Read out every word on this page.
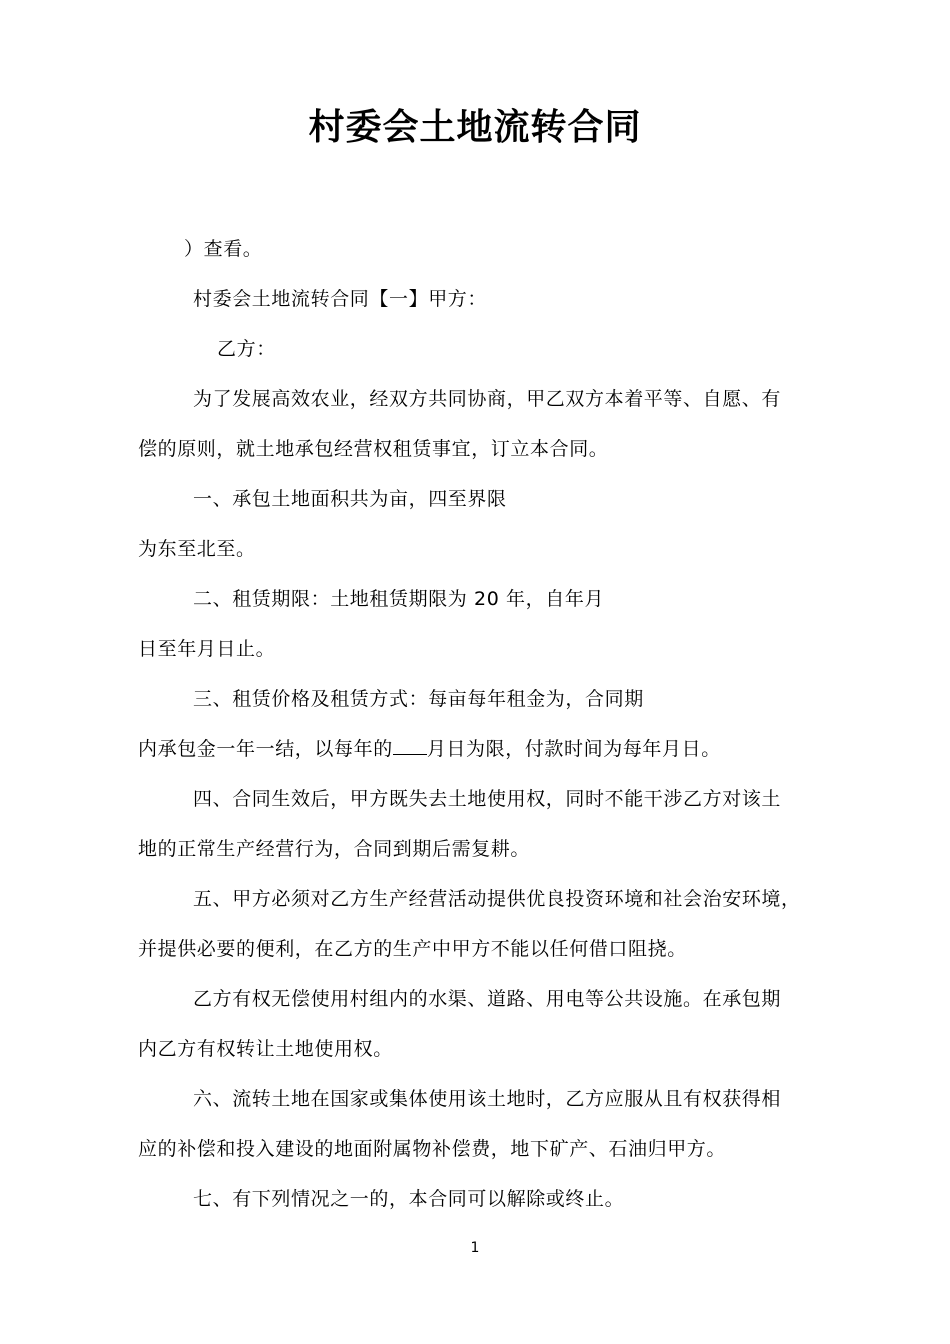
村委会土地流转合同
）查看。
村委会土地流转合同【一】甲方：
乙方：
为了发展高效农业，经双方共同协商，甲乙双方本着平等、自愿、有
偿的原则，就土地承包经营权租赁事宜，订立本合同。
一、承包土地面积共为亩，四至界限
为东至北至。
二、租赁期限：土地租赁期限为 20 年，自年月
日至年月日止。
三、租赁价格及租赁方式：每亩每年租金为，合同期
内承包金一年一结，以每年的 月日为限，付款时间为每年月日。
四、合同生效后，甲方既失去土地使用权，同时不能干涉乙方对该土
地的正常生产经营行为，合同到期后需复耕。
五、甲方必须对乙方生产经营活动提供优良投资环境和社会治安环境，
并提供必要的便利，在乙方的生产中甲方不能以任何借口阻挠。
乙方有权无偿使用村组内的水渠、道路、用电等公共设施。在承包期
内乙方有权转让土地使用权。
六、流转土地在国家或集体使用该土地时，乙方应服从且有权获得相
应的补偿和投入建设的地面附属物补偿费，地下矿产、石油归甲方。
七、有下列情况之一的，本合同可以解除或终止。
1
